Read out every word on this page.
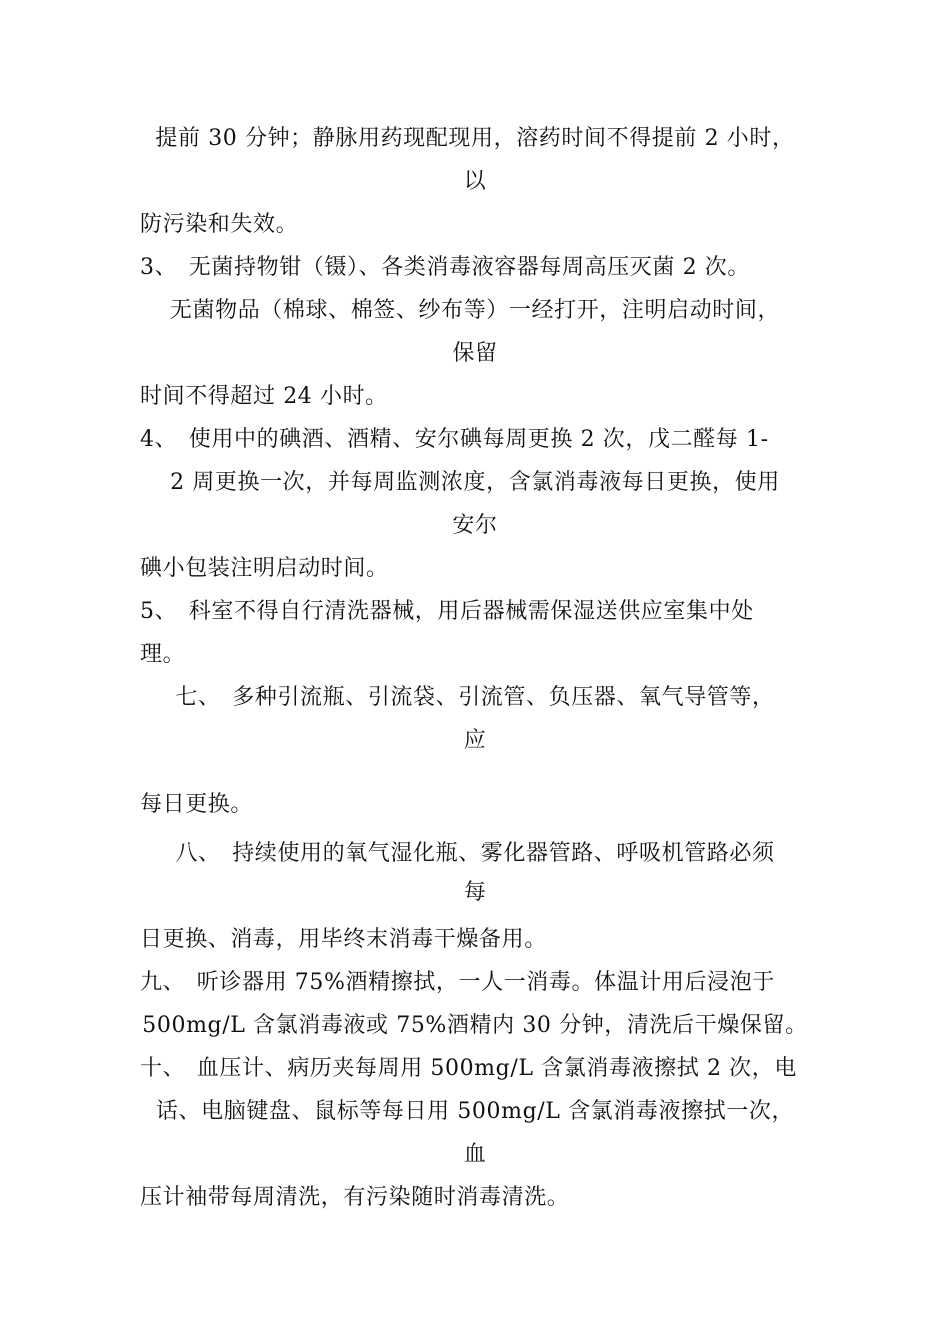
提前 30 分钟；静脉用药现配现用，溶药时间不得提前 2 小时，
以
防污染和失效。
3、　无菌持物钳（镊）、各类消毒液容器每周高压灭菌 2 次。
无菌物品（棉球、棉签、纱布等）一经打开，注明启动时间，
保留
时间不得超过 24 小时。
4、　使用中的碘酒、酒精、安尔碘每周更换 2 次，戊二醛每 1-
2 周更换一次，并每周监测浓度，含氯消毒液每日更换，使用
安尔
碘小包装注明启动时间。
5、　科室不得自行清洗器械，用后器械需保湿送供应室集中处
理。
七、　多种引流瓶、引流袋、引流管、负压器、氧气导管等，
应
每日更换。
八、　持续使用的氧气湿化瓶、雾化器管路、呼吸机管路必须
每
日更换、消毒，用毕终末消毒干燥备用。
九、　听诊器用 75%酒精擦拭，一人一消毒。体温计用后浸泡于
500mg/L 含氯消毒液或 75%酒精内 30 分钟，清洗后干燥保留。
十、　血压计、病历夹每周用 500mg/L 含氯消毒液擦拭 2 次，电
话、电脑键盘、鼠标等每日用 500mg/L 含氯消毒液擦拭一次，
血
压计袖带每周清洗，有污染随时消毒清洗。
